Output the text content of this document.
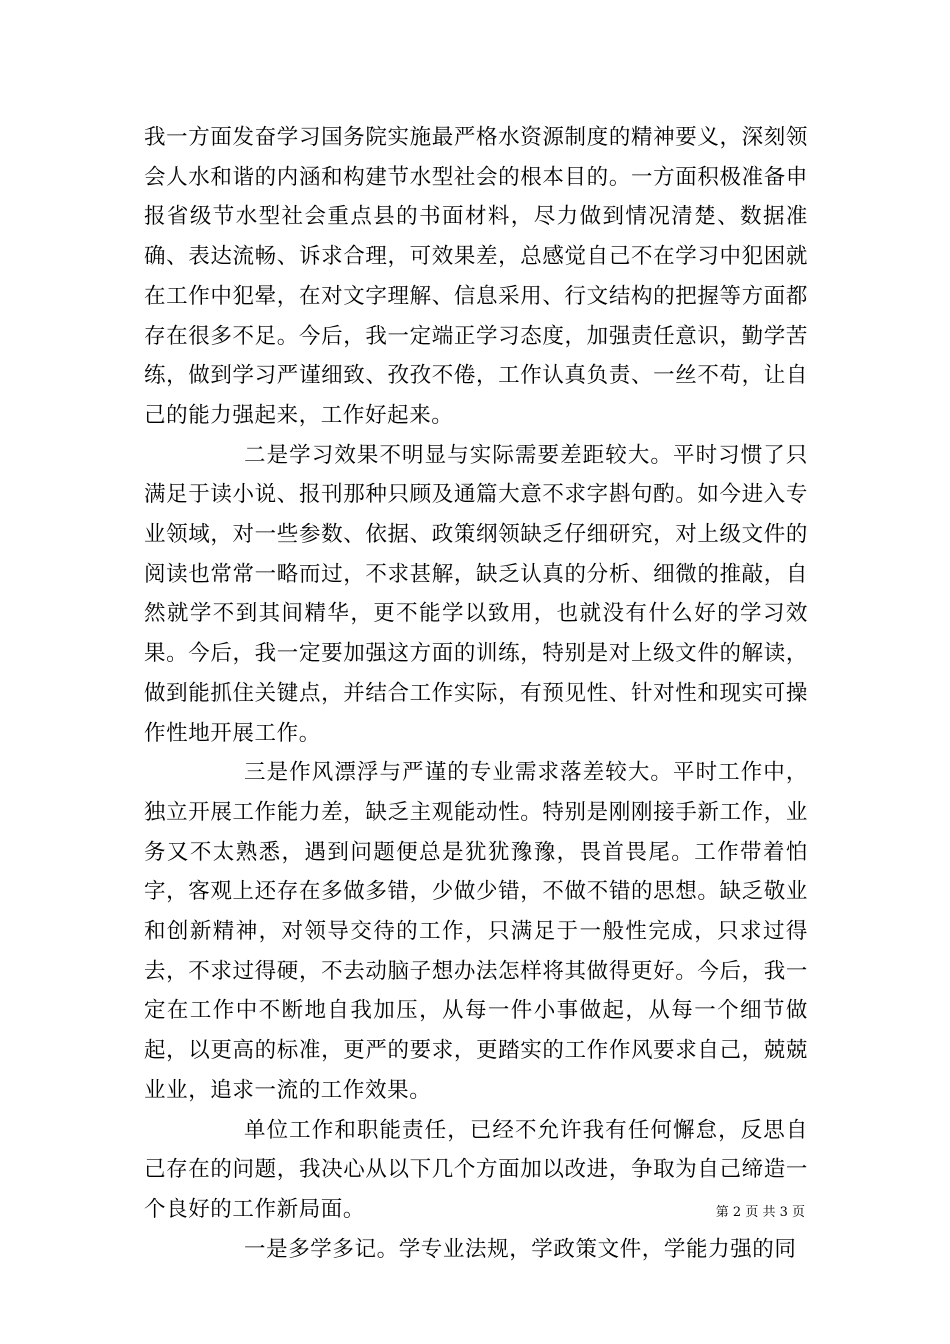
我一方面发奋学习国务院实施最严格水资源制度的精神要义，深刻领会人水和谐的内涵和构建节水型社会的根本目的。一方面积极准备申报省级节水型社会重点县的书面材料，尽力做到情况清楚、数据准确、表达流畅、诉求合理，可效果差，总感觉自己不在学习中犯困就在工作中犯晕，在对文字理解、信息采用、行文结构的把握等方面都存在很多不足。今后，我一定端正学习态度，加强责任意识，勤学苦练，做到学习严谨细致、孜孜不倦，工作认真负责、一丝不苟，让自己的能力强起来，工作好起来。

二是学习效果不明显与实际需要差距较大。平时习惯了只满足于读小说、报刊那种只顾及通篇大意不求字斟句酌。如今进入专业领域，对一些参数、依据、政策纲领缺乏仔细研究，对上级文件的阅读也常常一略而过，不求甚解，缺乏认真的分析、细微的推敲，自然就学不到其间精华，更不能学以致用，也就没有什么好的学习效果。今后，我一定要加强这方面的训练，特别是对上级文件的解读，做到能抓住关键点，并结合工作实际，有预见性、针对性和现实可操作性地开展工作。

三是作风漂浮与严谨的专业需求落差较大。平时工作中，独立开展工作能力差，缺乏主观能动性。特别是刚刚接手新工作，业务又不太熟悉，遇到问题便总是犹犹豫豫，畏首畏尾。工作带着怕字，客观上还存在多做多错，少做少错，不做不错的思想。缺乏敬业和创新精神，对领导交待的工作，只满足于一般性完成，只求过得去，不求过得硬，不去动脑子想办法怎样将其做得更好。今后，我一定在工作中不断地自我加压，从每一件小事做起，从每一个细节做起，以更高的标准，更严的要求，更踏实的工作作风要求自己，兢兢业业，追求一流的工作效果。

单位工作和职能责任，已经不允许我有任何懈怠，反思自己存在的问题，我决心从以下几个方面加以改进，争取为自己缔造一个良好的工作新局面。

一是多学多记。学专业法规，学政策文件，学能力强的同

第 2 页 共 3 页
